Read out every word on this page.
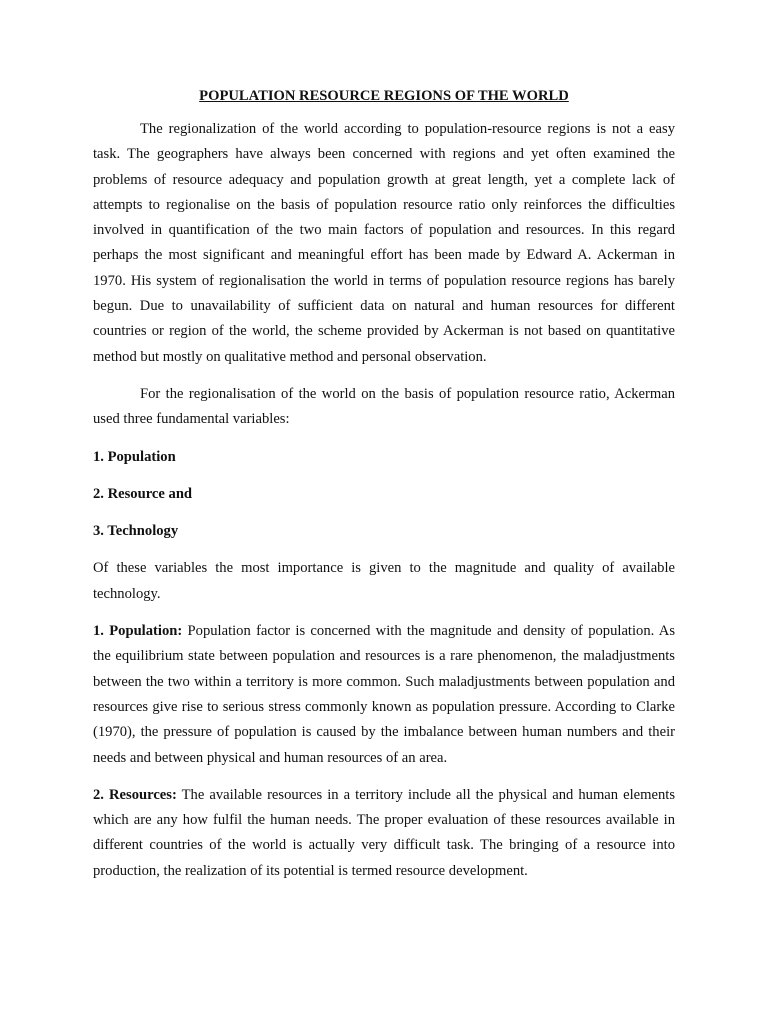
POPULATION RESOURCE REGIONS OF THE WORLD

The regionalization of the world according to population-resource regions is not a easy task. The geographers have always been concerned with regions and yet often examined the problems of resource adequacy and population growth at great length, yet a complete lack of attempts to regionalise on the basis of population resource ratio only reinforces the difficulties involved in quantification of the two main factors of population and resources. In this regard perhaps the most significant and meaningful effort has been made by Edward A. Ackerman in 1970. His system of regionalisation the world in terms of population resource regions has barely begun. Due to unavailability of sufficient data on natural and human resources for different countries or region of the world, the scheme provided by Ackerman is not based on quantitative method but mostly on qualitative method and personal observation.

For the regionalisation of the world on the basis of population resource ratio, Ackerman used three fundamental variables:

1. Population
2. Resource and
3. Technology

Of these variables the most importance is given to the magnitude and quality of available technology.

1. Population: Population factor is concerned with the magnitude and density of population. As the equilibrium state between population and resources is a rare phenomenon, the maladjustments between the two within a territory is more common. Such maladjustments between population and resources give rise to serious stress commonly known as population pressure. According to Clarke (1970), the pressure of population is caused by the imbalance between human numbers and their needs and between physical and human resources of an area.

2. Resources: The available resources in a territory include all the physical and human elements which are any how fulfil the human needs. The proper evaluation of these resources available in different countries of the world is actually very difficult task. The bringing of a resource into production, the realization of its potential is termed resource development.
